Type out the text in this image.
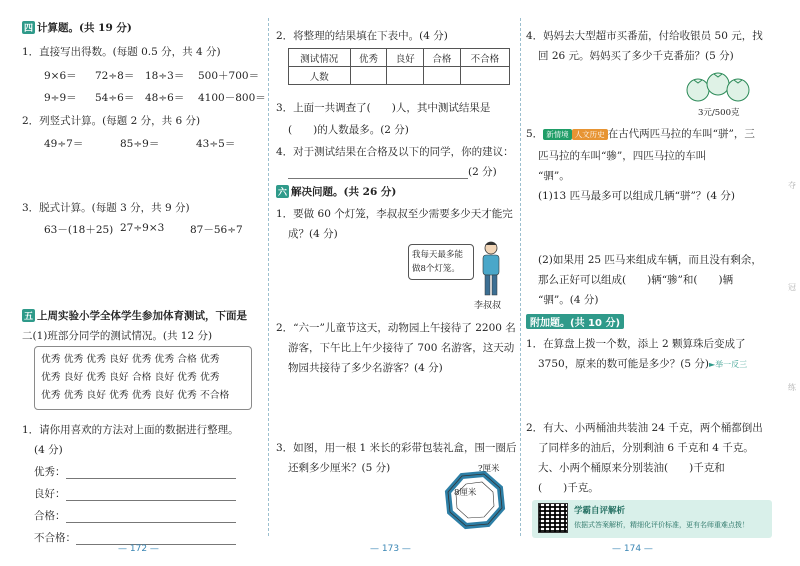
四 计算题。(共 19 分)
1．直接写出得数。(每题 0.5 分，共 4 分)
9×6＝ 72÷8＝ 18÷3＝ 500＋700＝
9÷9＝ 54÷6＝ 48÷6＝ 4100－800＝
2．列竖式计算。(每题 2 分，共 6 分)
49÷7＝	85÷9＝	43÷5＝
3．脱式计算。(每题 3 分，共 9 分)
63－(18＋25) 27÷9×3 87－56÷7
五 上周实验小学全体学生参加体育测试，下面是
二(1)班部分同学的测试情况。(共 12 分)
优秀 优秀 优秀 良好 优秀 优秀 合格 优秀
优秀 良好 优秀 良好 合格 良好 优秀 优秀
优秀 优秀 良好 优秀 优秀 良好 优秀 不合格
1．请你用喜欢的方法对上面的数据进行整理。
(4 分)
优秀：
良好：
合格：
不合格：
— 172 —
2．将整理的结果填在下表中。(4 分)
测试情况	优秀	良好	合格	不合格
人数				
3．上面一共调查了(　　)人，其中测试结果是
(　　)的人数最多。(2 分)
4．对于测试结果在合格及以下的同学，你的建议：
(2 分)
六 解决问题。(共 26 分)
1．要做 60 个灯笼，李叔叔至少需要多少天才能完
成？(4 分)
我每天最多能
做8个灯笼。
李叔叔
2．“六一”儿童节这天，动物园上午接待了 2200 名
游客，下午比上午少接待了 700 名游客，这天动
物园共接待了多少名游客？(4 分)
3．如图，用一根 1 米长的彩带包装礼盒，围一圈后
还剩多少厘米？(5 分)	?厘米
8厘米
— 173 —
4．妈妈去大型超市买番茄，付给收银员 50 元，找
回 26 元。妈妈买了多少千克番茄？(5 分)
3元/500克
5． 新情境 人文历史 在古代两匹马拉的车叫“骈”，三
匹马拉的车叫“骖”，四匹马拉的车叫
“驷”。
(1)13 匹马最多可以组成几辆“骈”？(4 分)
(2)如果用 25 匹马来组成车辆，而且没有剩余，
那么正好可以组成(　　)辆“骖”和(　　)辆
“驷”。(4 分)
附加题。(共 10 分)
1．在算盘上拨一个数，添上 2 颗算珠后变成了
3750，原来的数可能是多少？(5 分)►举一反三
2．有大、小两桶油共装油 24 千克，两个桶都倒出
了同样多的油后，分别剩油 6 千克和 4 千克。
大、小两个桶原来分别装油(　　)千克和
(　　)千克。
学霸自评解析
依据式答案解析，精细化评价标准，更有名师重难点拨！
夺
冠
练
— 174 —
